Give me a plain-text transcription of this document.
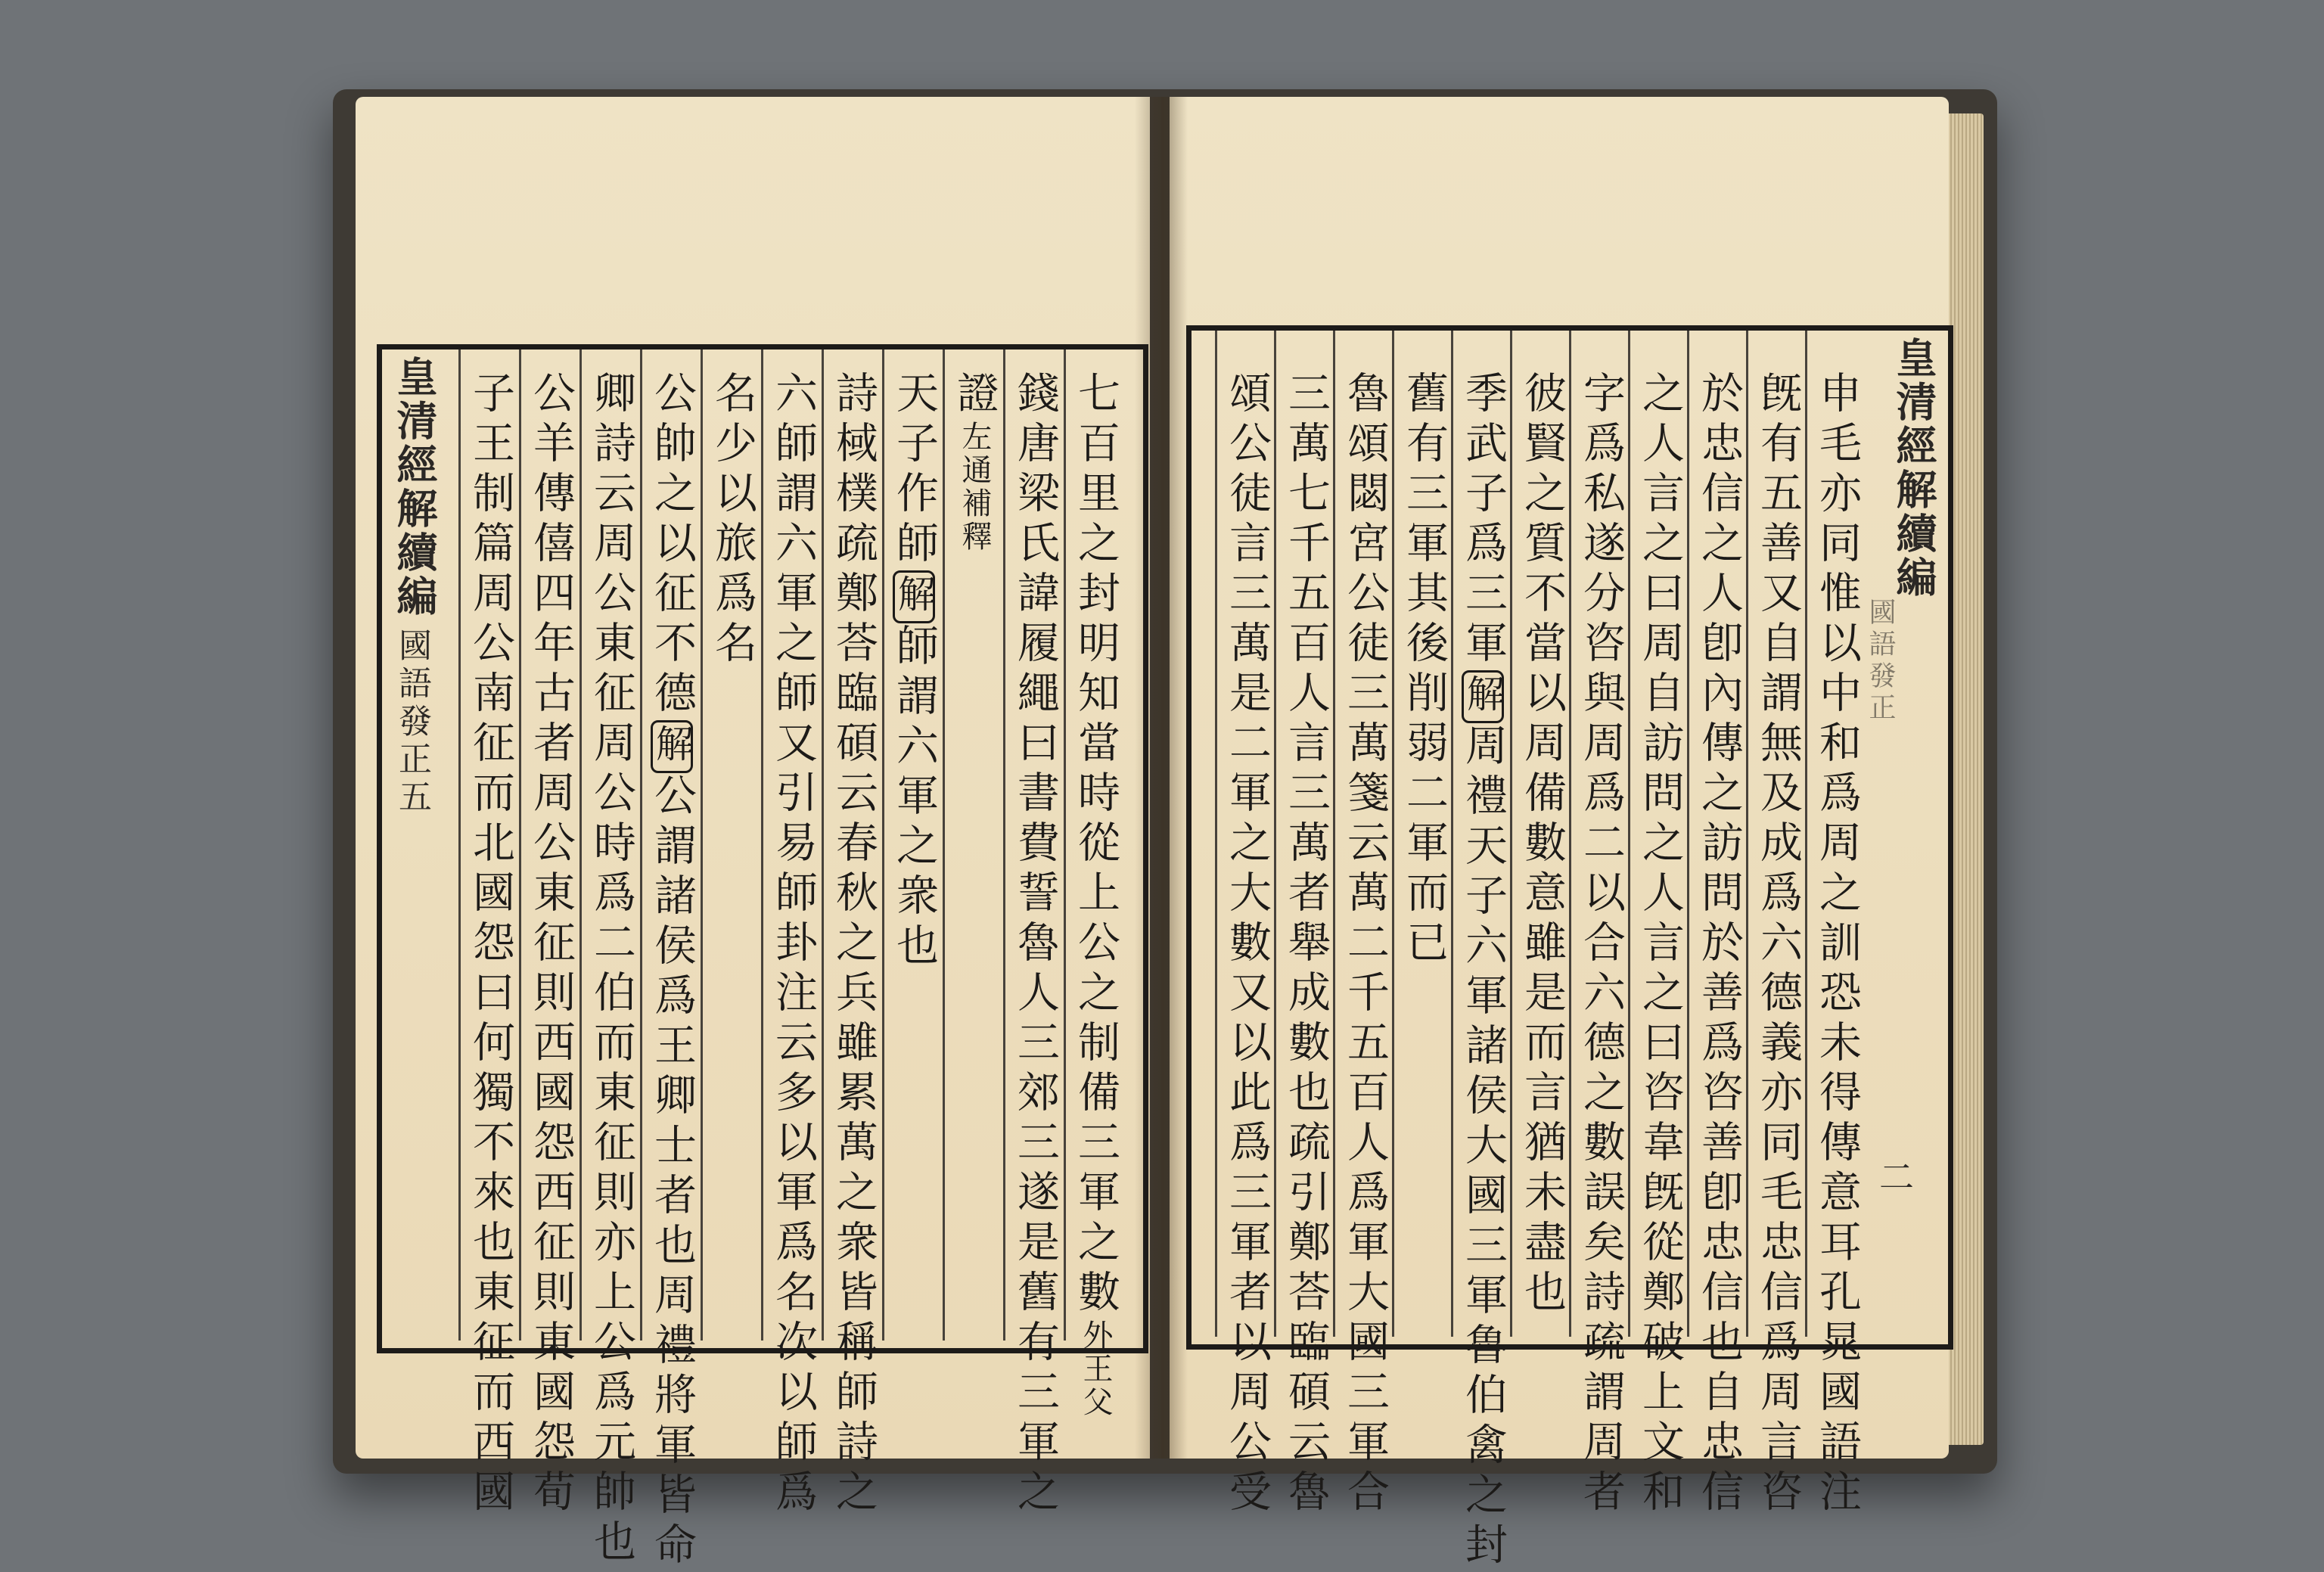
皇清經解續編
國語發正五
皇清經解續編
國語發正
二
七百里之封明知當時從上公之制備三軍之數外王父
錢唐梁氏諱履繩曰書費誓魯人三郊三遂是舊有三軍之
證左通補釋
天子作師解師謂六軍之衆也
詩棫樸疏鄭荅臨碩云春秋之兵雖累萬之衆皆稱師詩之
六師謂六軍之師又引易師卦注云多以軍爲名次以師爲
名少以旅爲名
公帥之以征不德解公謂諸侯爲王卿士者也周禮將軍皆命
卿詩云周公東征周公時爲二伯而東征則亦上公爲元帥也
公羊傳僖四年古者周公東征則西國怨西征則東國怨荀
子王制篇周公南征而北國怨曰何獨不來也東征而西國	申毛亦同惟以中和爲周之訓恐未得傳意耳孔晁國語注
旣有五善又自謂無及成爲六德義亦同毛忠信爲周言咨
於忠信之人卽內傳之訪問於善爲咨善卽忠信也自忠信
之人言之曰周自訪問之人言之曰咨韋旣從鄭破上文和
字爲私遂分咨與周爲二以合六德之數誤矣詩疏謂周者
彼賢之質不當以周備數意雖是而言猶未盡也
季武子爲三軍解周禮天子六軍諸侯大國三軍魯伯禽之封
舊有三軍其後削弱二軍而已
魯頌閟宮公徒三萬箋云萬二千五百人爲軍大國三軍合
三萬七千五百人言三萬者舉成數也疏引鄭荅臨碩云魯
頌公徒言三萬是二軍之大數又以此爲三軍者以周公受
